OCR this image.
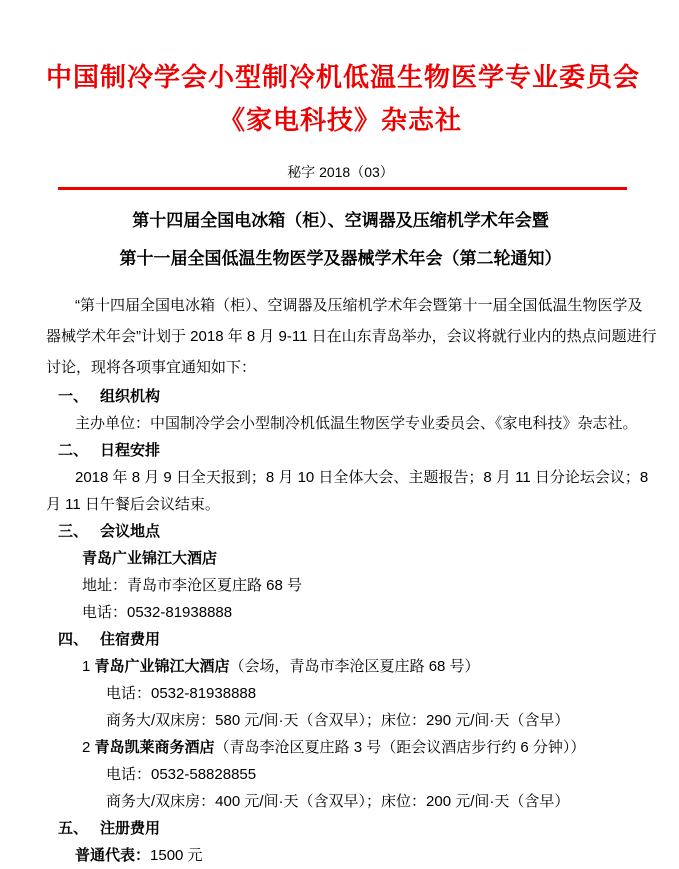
中国制冷学会小型制冷机低温生物医学专业委员会
《家电科技》杂志社
秘字 2018（03）
第十四届全国电冰箱（柜）、空调器及压缩机学术年会暨
第十一届全国低温生物医学及器械学术年会（第二轮通知）
“第十四届全国电冰箱（柜）、空调器及压缩机学术年会暨第十一届全国低温生物医学及
器械学术年会”计划于 2018 年 8 月 9-11 日在山东青岛举办，会议将就行业内的热点问题进行
讨论，现将各项事宜通知如下：
一、 组织机构
主办单位：中国制冷学会小型制冷机低温生物医学专业委员会、《家电科技》杂志社。
二、 日程安排
2018 年 8 月 9 日全天报到；8 月 10 日全体大会、主题报告；8 月 11 日分论坛会议；8
月 11 日午餐后会议结束。
三、 会议地点
青岛广业锦江大酒店
地址：青岛市李沧区夏庄路 68 号
电话：0532-81938888
四、 住宿费用
1 青岛广业锦江大酒店（会场，青岛市李沧区夏庄路 68 号）
电话：0532-81938888
商务大/双床房：580 元/间·天（含双早）；床位：290 元/间·天（含早）
2 青岛凯莱商务酒店（青岛李沧区夏庄路 3 号（距会议酒店步行约 6 分钟））
电话：0532-58828855
商务大/双床房：400 元/间·天（含双早）；床位：200 元/间·天（含早）
五、 注册费用
普通代表：1500 元
